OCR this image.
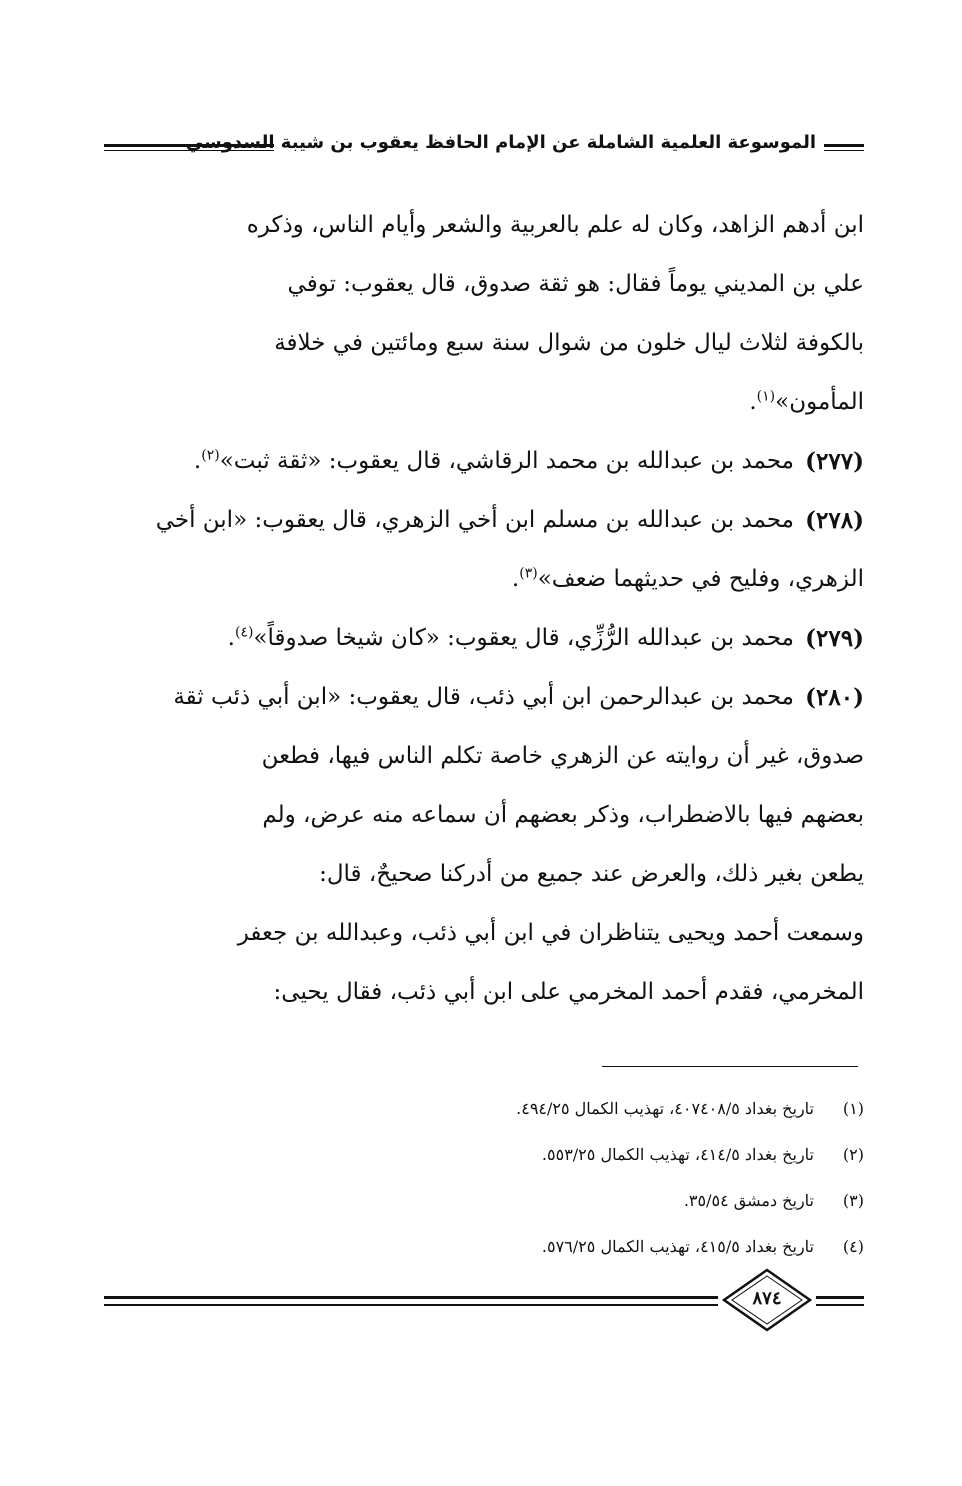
الموسوعة العلمية الشاملة عن الإمام الحافظ يعقوب بن شيبة السدوسي
ابن أدهم الزاهد، وكان له علم بالعربية والشعر وأيام الناس، وذكره
علي بن المديني يوماً فقال: هو ثقة صدوق، قال يعقوب: توفي
بالكوفة لثلاث ليال خلون من شوال سنة سبع ومائتين في خلافة
المأمون»$^{(١)}$.
(٢٧٧)
محمد بن عبدالله بن محمد الرقاشي، قال يعقوب: «ثقة ثبت»$^{(٢)}$.
(٢٧٨)
محمد بن عبدالله بن مسلم ابن أخي الزهري، قال يعقوب: «ابن أخي
الزهري، وفليح في حديثهما ضعف»$^{(٣)}$.
(٢٧٩)
محمد بن عبدالله الرُّزِّي، قال يعقوب: «كان شيخا صدوقاً»$^{(٤)}$.
(٢٨٠)
محمد بن عبدالرحمن ابن أبي ذئب، قال يعقوب: «ابن أبي ذئب ثقة
صدوق، غير أن روايته عن الزهري خاصة تكلم الناس فيها، فطعن
بعضهم فيها بالاضطراب، وذكر بعضهم أن سماعه منه عرض، ولم
يطعن بغير ذلك، والعرض عند جميع من أدركنا صحيحٌ، قال:
وسمعت أحمد ويحيى يتناظران في ابن أبي ذئب، وعبدالله بن جعفر
المخرمي، فقدم أحمد المخرمي على ابن أبي ذئب، فقال يحيى:
(١)
تاريخ بغداد ٤٠٧٤٠٨/٥، تهذيب الكمال ٤٩٤/٢٥.
(٢)
تاريخ بغداد ٤١٤/٥، تهذيب الكمال ٥٥٣/٢٥.
(٣)
تاريخ دمشق ٣٥/٥٤.
(٤)
تاريخ بغداد ٤١٥/٥، تهذيب الكمال ٥٧٦/٢٥.
٨٧٤
